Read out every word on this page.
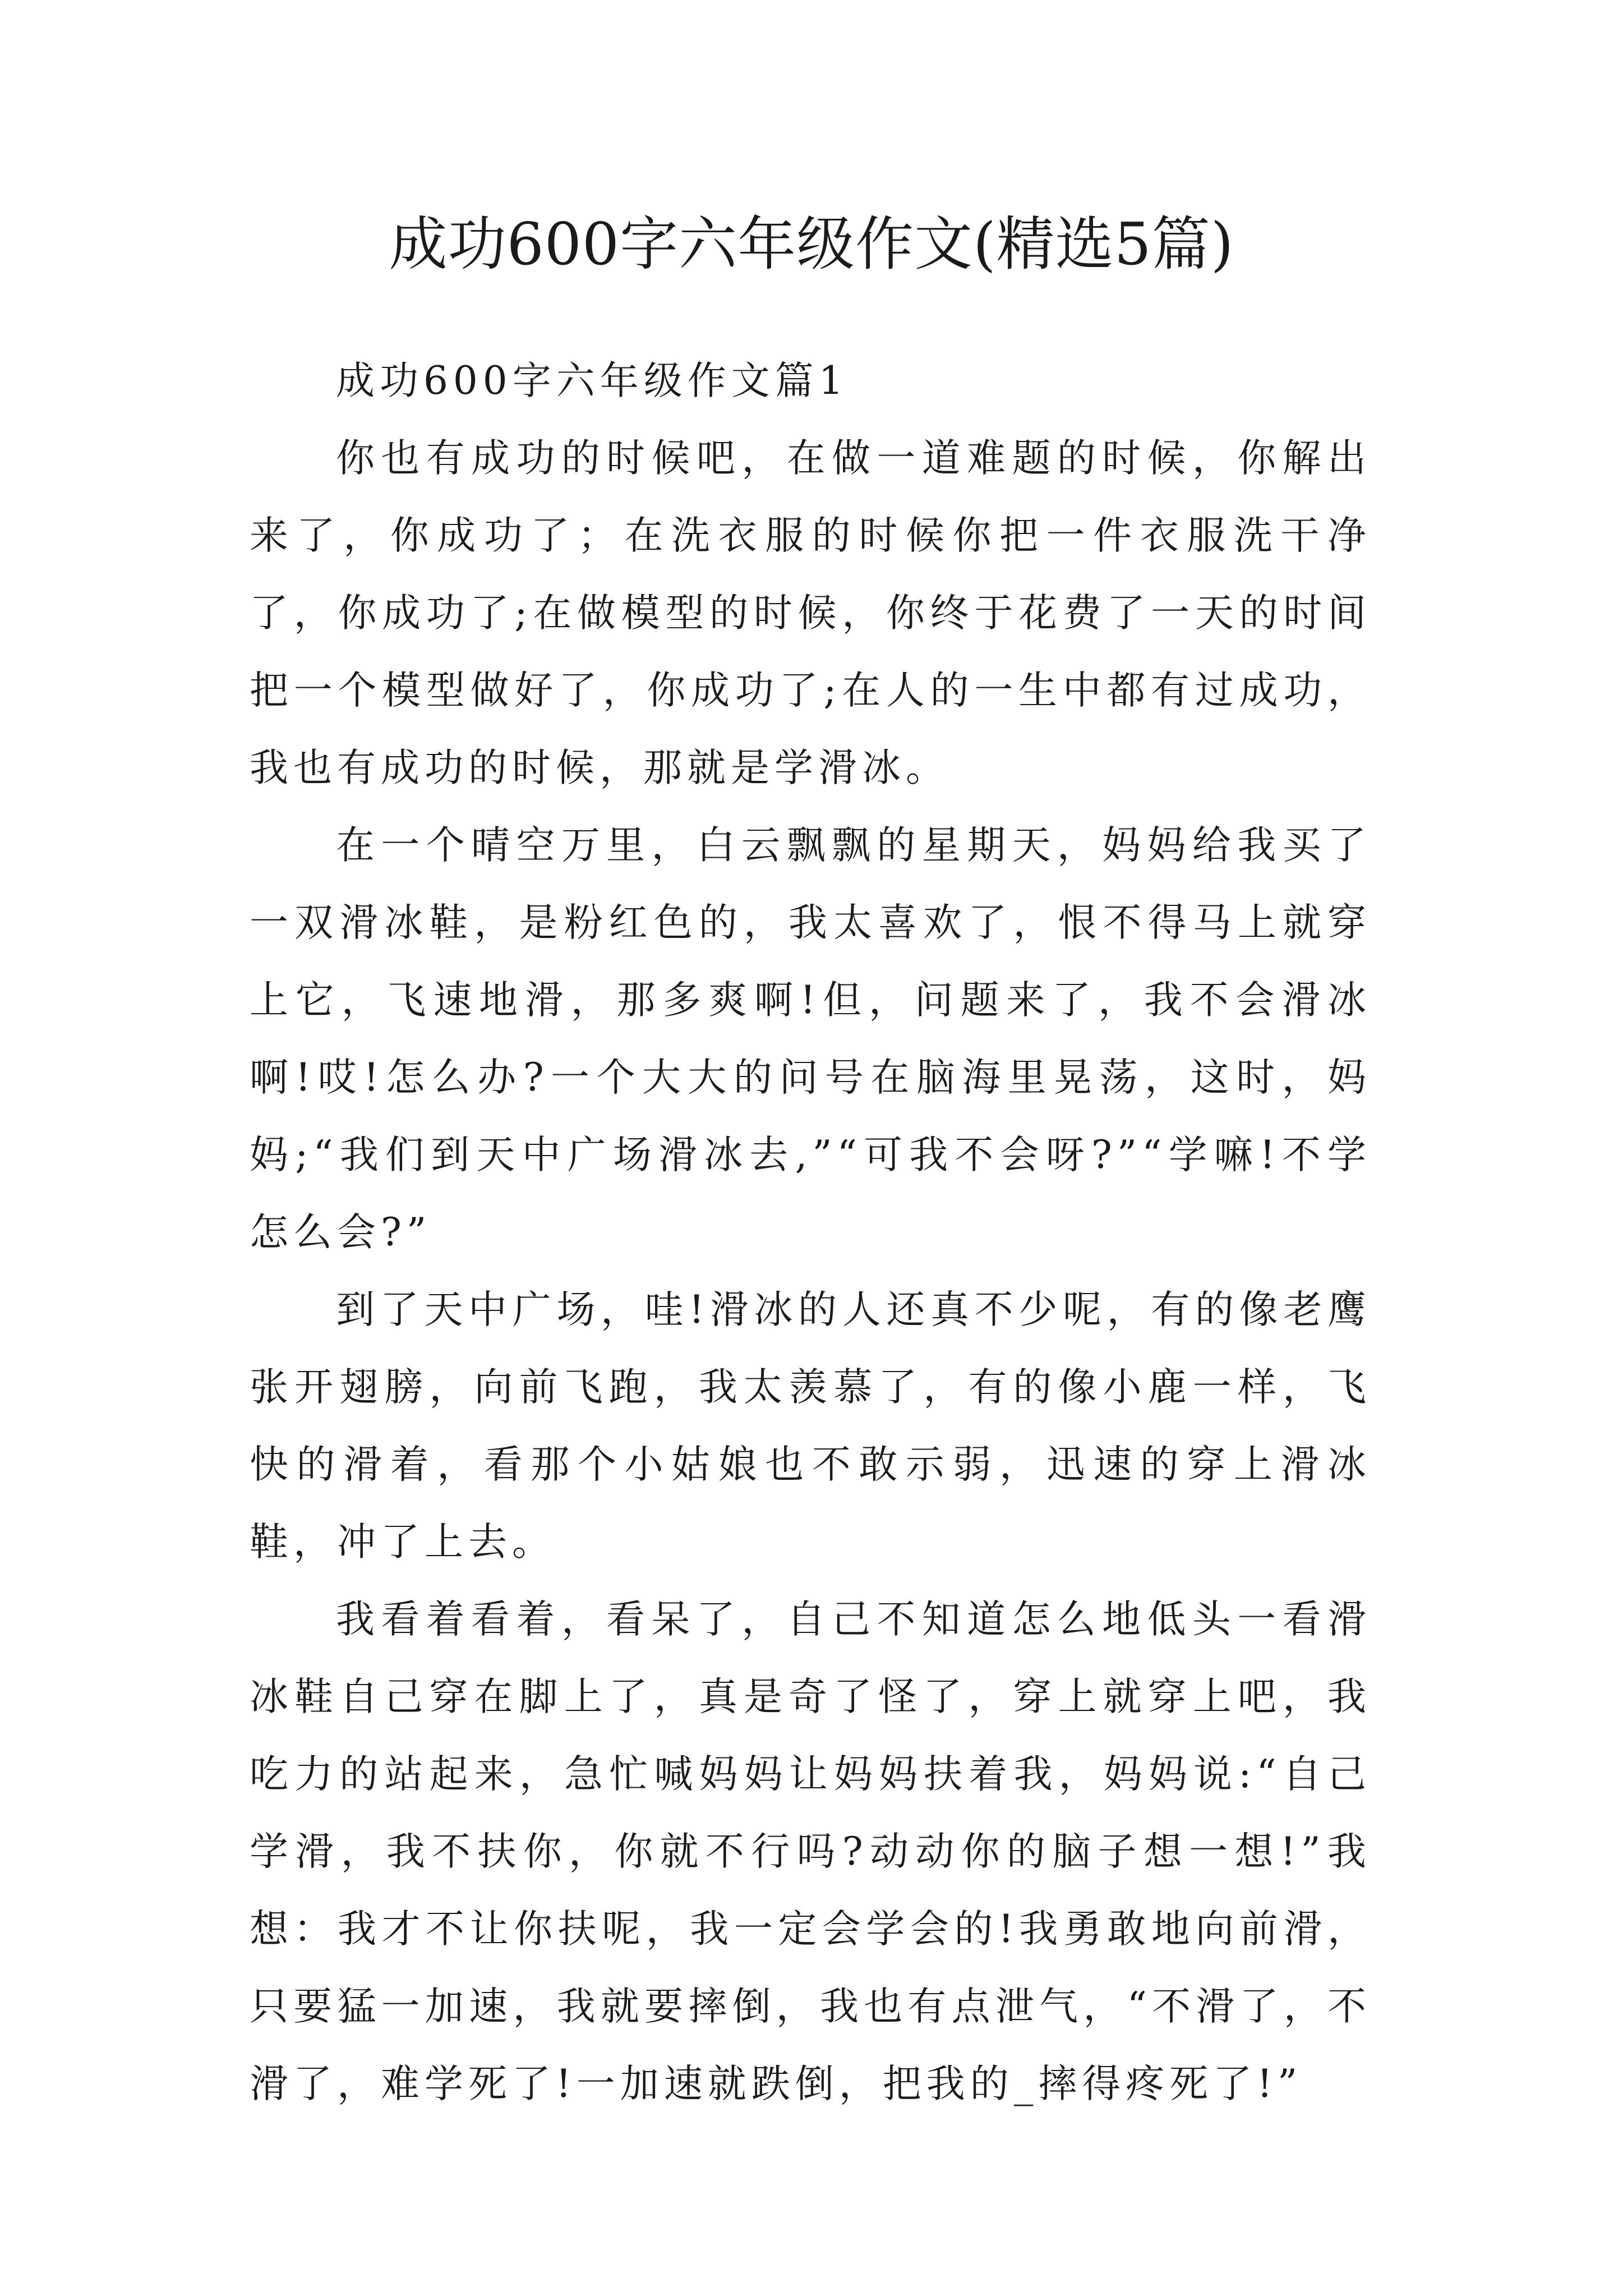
成功600字六年级作文(精选5篇)
成功600字六年级作文篇1

你也有成功的时候吧，在做一道难题的时候，你解出来了，你成功了；在洗衣服的时候你把一件衣服洗干净了，你成功了;在做模型的时候，你终于花费了一天的时间把一个模型做好了，你成功了;在人的一生中都有过成功，我也有成功的时候，那就是学滑冰。

在一个晴空万里，白云飘飘的星期天，妈妈给我买了一双滑冰鞋，是粉红色的，我太喜欢了，恨不得马上就穿上它，飞速地滑，那多爽啊!但，问题来了，我不会滑冰啊!哎!怎么办?一个大大的问号在脑海里晃荡，这时，妈妈;“我们到天中广场滑冰去,”“可我不会呀?”“学嘛!不学怎么会?”

到了天中广场，哇!滑冰的人还真不少呢，有的像老鹰张开翅膀，向前飞跑，我太羡慕了，有的像小鹿一样，飞快的滑着，看那个小姑娘也不敢示弱，迅速的穿上滑冰鞋，冲了上去。

我看着看着，看呆了，自己不知道怎么地低头一看滑冰鞋自己穿在脚上了，真是奇了怪了，穿上就穿上吧，我吃力的站起来，急忙喊妈妈让妈妈扶着我，妈妈说:“自己学滑，我不扶你，你就不行吗?动动你的脑子想一想!”我想：我才不让你扶呢，我一定会学会的!我勇敢地向前滑，只要猛一加速，我就要摔倒，我也有点泄气，“不滑了，不滑了，难学死了!一加速就跌倒，把我的_摔得疼死了!”
